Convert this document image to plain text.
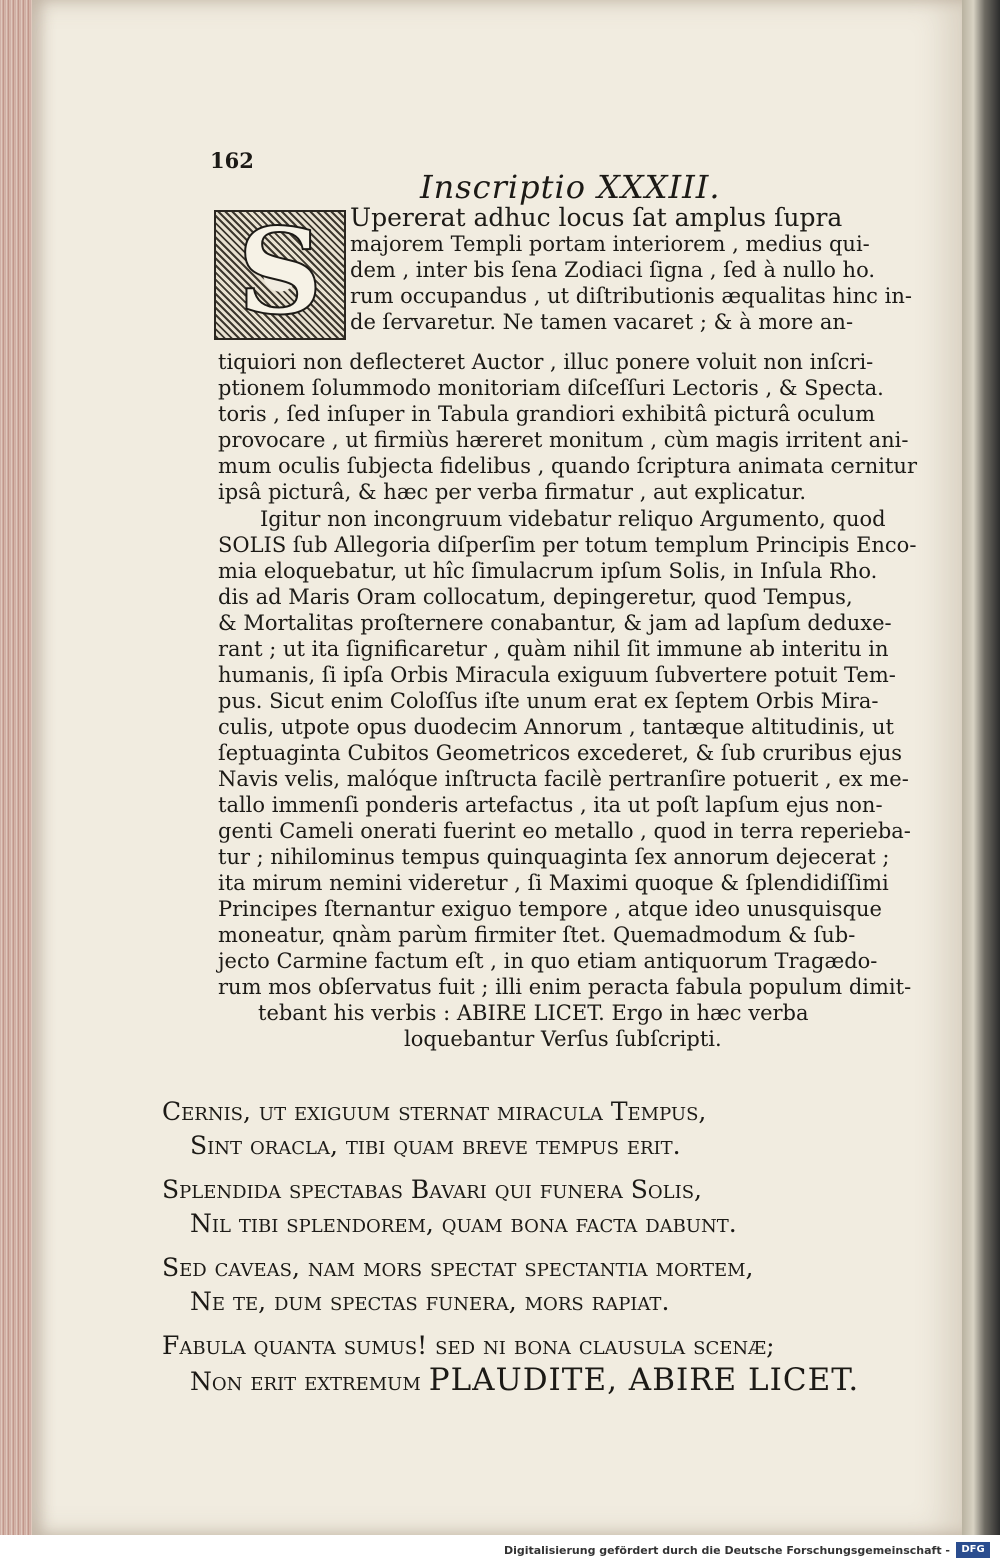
162
Inscriptio XXXIII.
S	Upererat adhuc locus ſat amplus ſupra
majorem Templi portam interiorem , medius qui-
dem , inter bis ſena Zodiaci ſigna , ſed à nullo ho.
rum occupandus , ut diſtributionis æqualitas hinc in-
de ſervaretur. Ne tamen vacaret ; & à more an-
tiquiori non deflecteret Auctor , illuc ponere voluit non inſcri-
ptionem ſolummodo monitoriam diſceſſuri Lectoris , & Specta.
toris , ſed inſuper in Tabula grandiori exhibitâ picturâ oculum
provocare , ut firmiùs hæreret monitum , cùm magis irritent ani-
mum oculis ſubjecta fidelibus , quando ſcriptura animata cernitur
ipsâ picturâ, & hæc per verba firmatur , aut explicatur.
Igitur non incongruum videbatur reliquo Argumento, quod
SOLIS ſub Allegoria diſperſim per totum templum Principis Enco-
mia eloquebatur, ut hîc ſimulacrum ipſum Solis, in Inſula Rho.
dis ad Maris Oram collocatum, depingeretur, quod Tempus,
& Mortalitas proſternere conabantur, & jam ad lapſum deduxe-
rant ; ut ita ſignificaretur , quàm nihil ſit immune ab interitu in
humanis, ſi ipſa Orbis Miracula exiguum ſubvertere potuit Tem-
pus. Sicut enim Coloſſus iſte unum erat ex ſeptem Orbis Mira-
culis, utpote opus duodecim Annorum , tantæque altitudinis, ut
ſeptuaginta Cubitos Geometricos excederet, & ſub cruribus ejus
Navis velis, malóque inſtructa facilè pertranſire potuerit , ex me-
tallo immenſi ponderis artefactus , ita ut poſt lapſum ejus non-
genti Cameli onerati fuerint eo metallo , quod in terra reperieba-
tur ; nihilominus tempus quinquaginta ſex annorum dejecerat ;
ita mirum nemini videretur , ſi Maximi quoque & ſplendidiſſimi
Principes ſternantur exiguo tempore , atque ideo unusquisque
moneatur, qnàm parùm firmiter ſtet. Quemadmodum & ſub-
jecto Carmine factum eſt , in quo etiam antiquorum Tragædo-
rum mos obſervatus fuit ; illi enim peracta fabula populum dimit-
tebant his verbis : ABIRE LICET. Ergo in hæc verba
loquebantur Verſus ſubſcripti.
Cernis, ut exiguum sternat miracula Tempus,
Sint oracla, tibi quam breve tempus erit.
Splendida spectabas Bavari qui funera Solis,
Nil tibi splendorem, quam bona facta dabunt.
Sed caveas, nam mors spectat spectantia mortem,
Ne te, dum spectas funera, mors rapiat.
Fabula quanta sumus! sed ni bona clausula scenæ;
Non erit extremum PLAUDITE, ABIRE LICET.
Digitalisierung gefördert durch die Deutsche Forschungsgemeinschaft -	DFG
